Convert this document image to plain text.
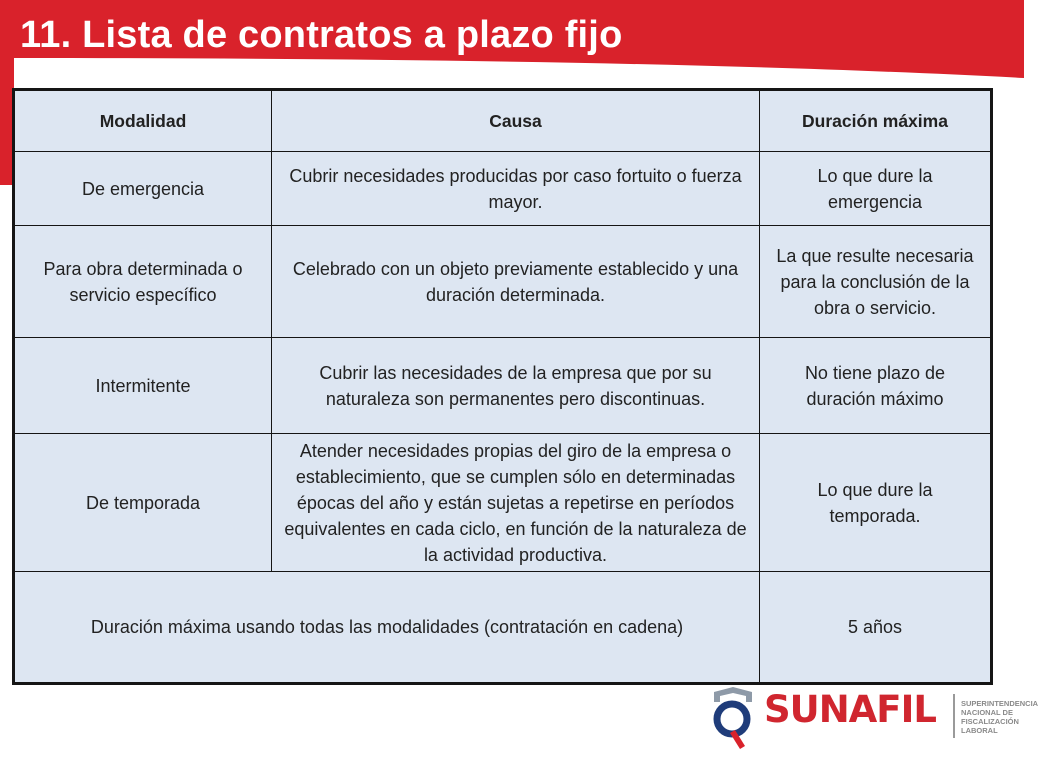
11. Lista de contratos a plazo fijo
Modalidad	Causa	Duración máxima
De emergencia	Cubrir necesidades producidas por caso fortuito o fuerza mayor.	Lo que dure la emergencia
Para obra determinada o servicio específico	Celebrado con un objeto previamente establecido y una duración determinada.	La que resulte necesaria para la conclusión de la obra o servicio.
Intermitente	Cubrir las necesidades de la empresa que por su naturaleza son permanentes pero discontinuas.	No tiene plazo de duración máximo
De temporada	Atender necesidades propias del giro de la empresa o establecimiento, que se cumplen sólo en determinadas épocas del año y están sujetas a repetirse en períodos equivalentes en cada ciclo, en función de la naturaleza de la actividad productiva.	Lo que dure la temporada.
Duración máxima usando todas las modalidades (contratación en cadena)		5 años
SUNAFIL	SUPERINTENDENCIA
NACIONAL DE
FISCALIZACIÓN
LABORAL
